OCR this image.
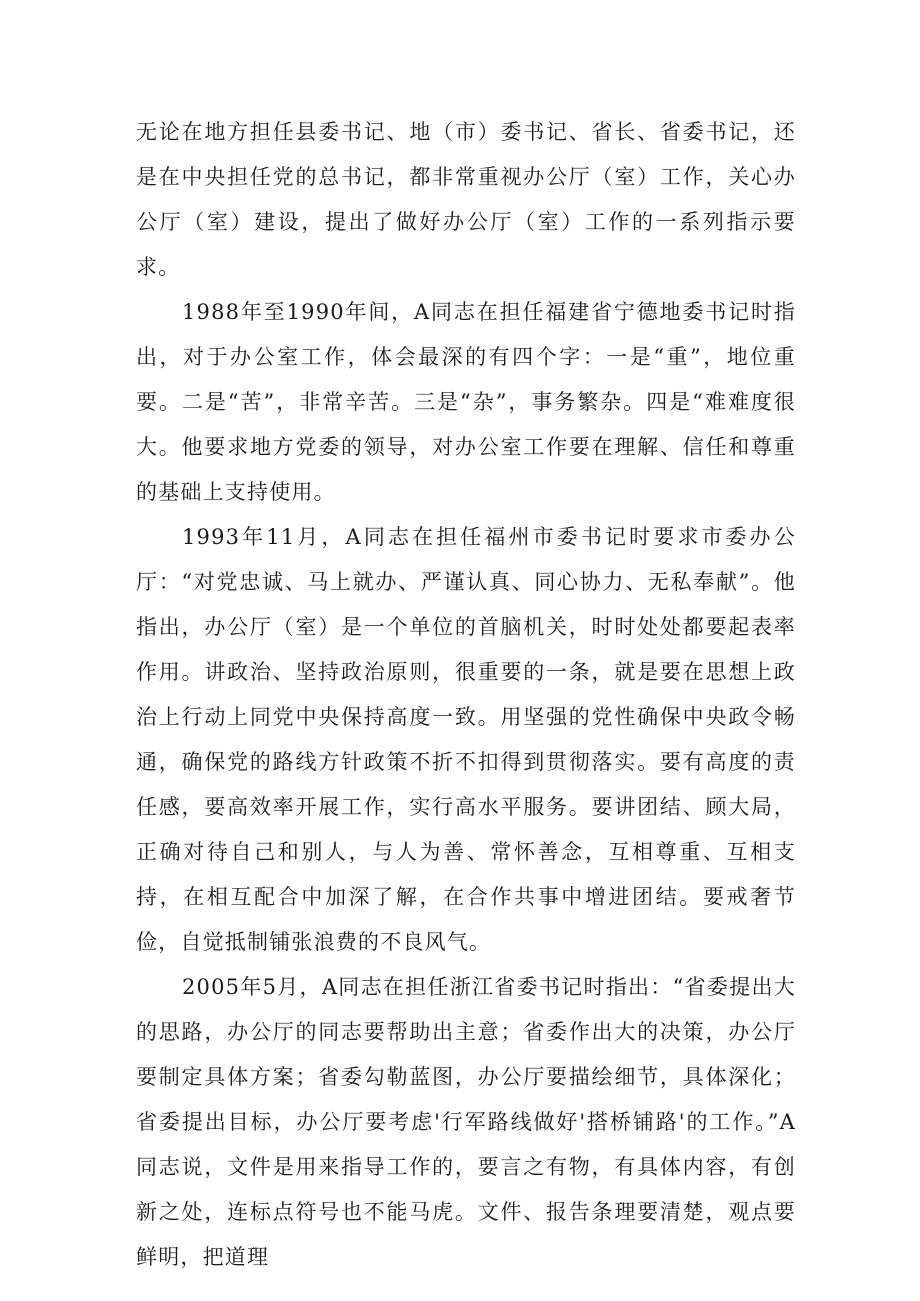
无论在地方担任县委书记、地（市）委书记、省长、省委书记，还是在中央担任党的总书记，都非常重视办公厅（室）工作，关心办公厅（室）建设，提出了做好办公厅（室）工作的一系列指示要求。

1988年至1990年间，A同志在担任福建省宁德地委书记时指出，对于办公室工作，体会最深的有四个字：一是“重”，地位重要。二是“苦”，非常辛苦。三是“杂”，事务繁杂。四是“难难度很大。他要求地方党委的领导，对办公室工作要在理解、信任和尊重的基础上支持使用。

1993年11月，A同志在担任福州市委书记时要求市委办公厅：“对党忠诚、马上就办、严谨认真、同心协力、无私奉献”。他指出，办公厅（室）是一个单位的首脑机关，时时处处都要起表率作用。讲政治、坚持政治原则，很重要的一条，就是要在思想上政治上行动上同党中央保持高度一致。用坚强的党性确保中央政令畅通，确保党的路线方针政策不折不扣得到贯彻落实。要有高度的责任感，要高效率开展工作，实行高水平服务。要讲团结、顾大局，正确对待自己和别人，与人为善、常怀善念，互相尊重、互相支持，在相互配合中加深了解，在合作共事中增进团结。要戒奢节俭，自觉抵制铺张浪费的不良风气。

2005年5月，A同志在担任浙江省委书记时指出：“省委提出大的思路，办公厅的同志要帮助出主意；省委作出大的决策，办公厅要制定具体方案；省委勾勒蓝图，办公厅要描绘细节，具体深化；省委提出目标，办公厅要考虑'行军路线做好'搭桥铺路'的工作。”A同志说，文件是用来指导工作的，要言之有物，有具体内容，有创新之处，连标点符号也不能马虎。文件、报告条理要清楚，观点要鲜明，把道理
